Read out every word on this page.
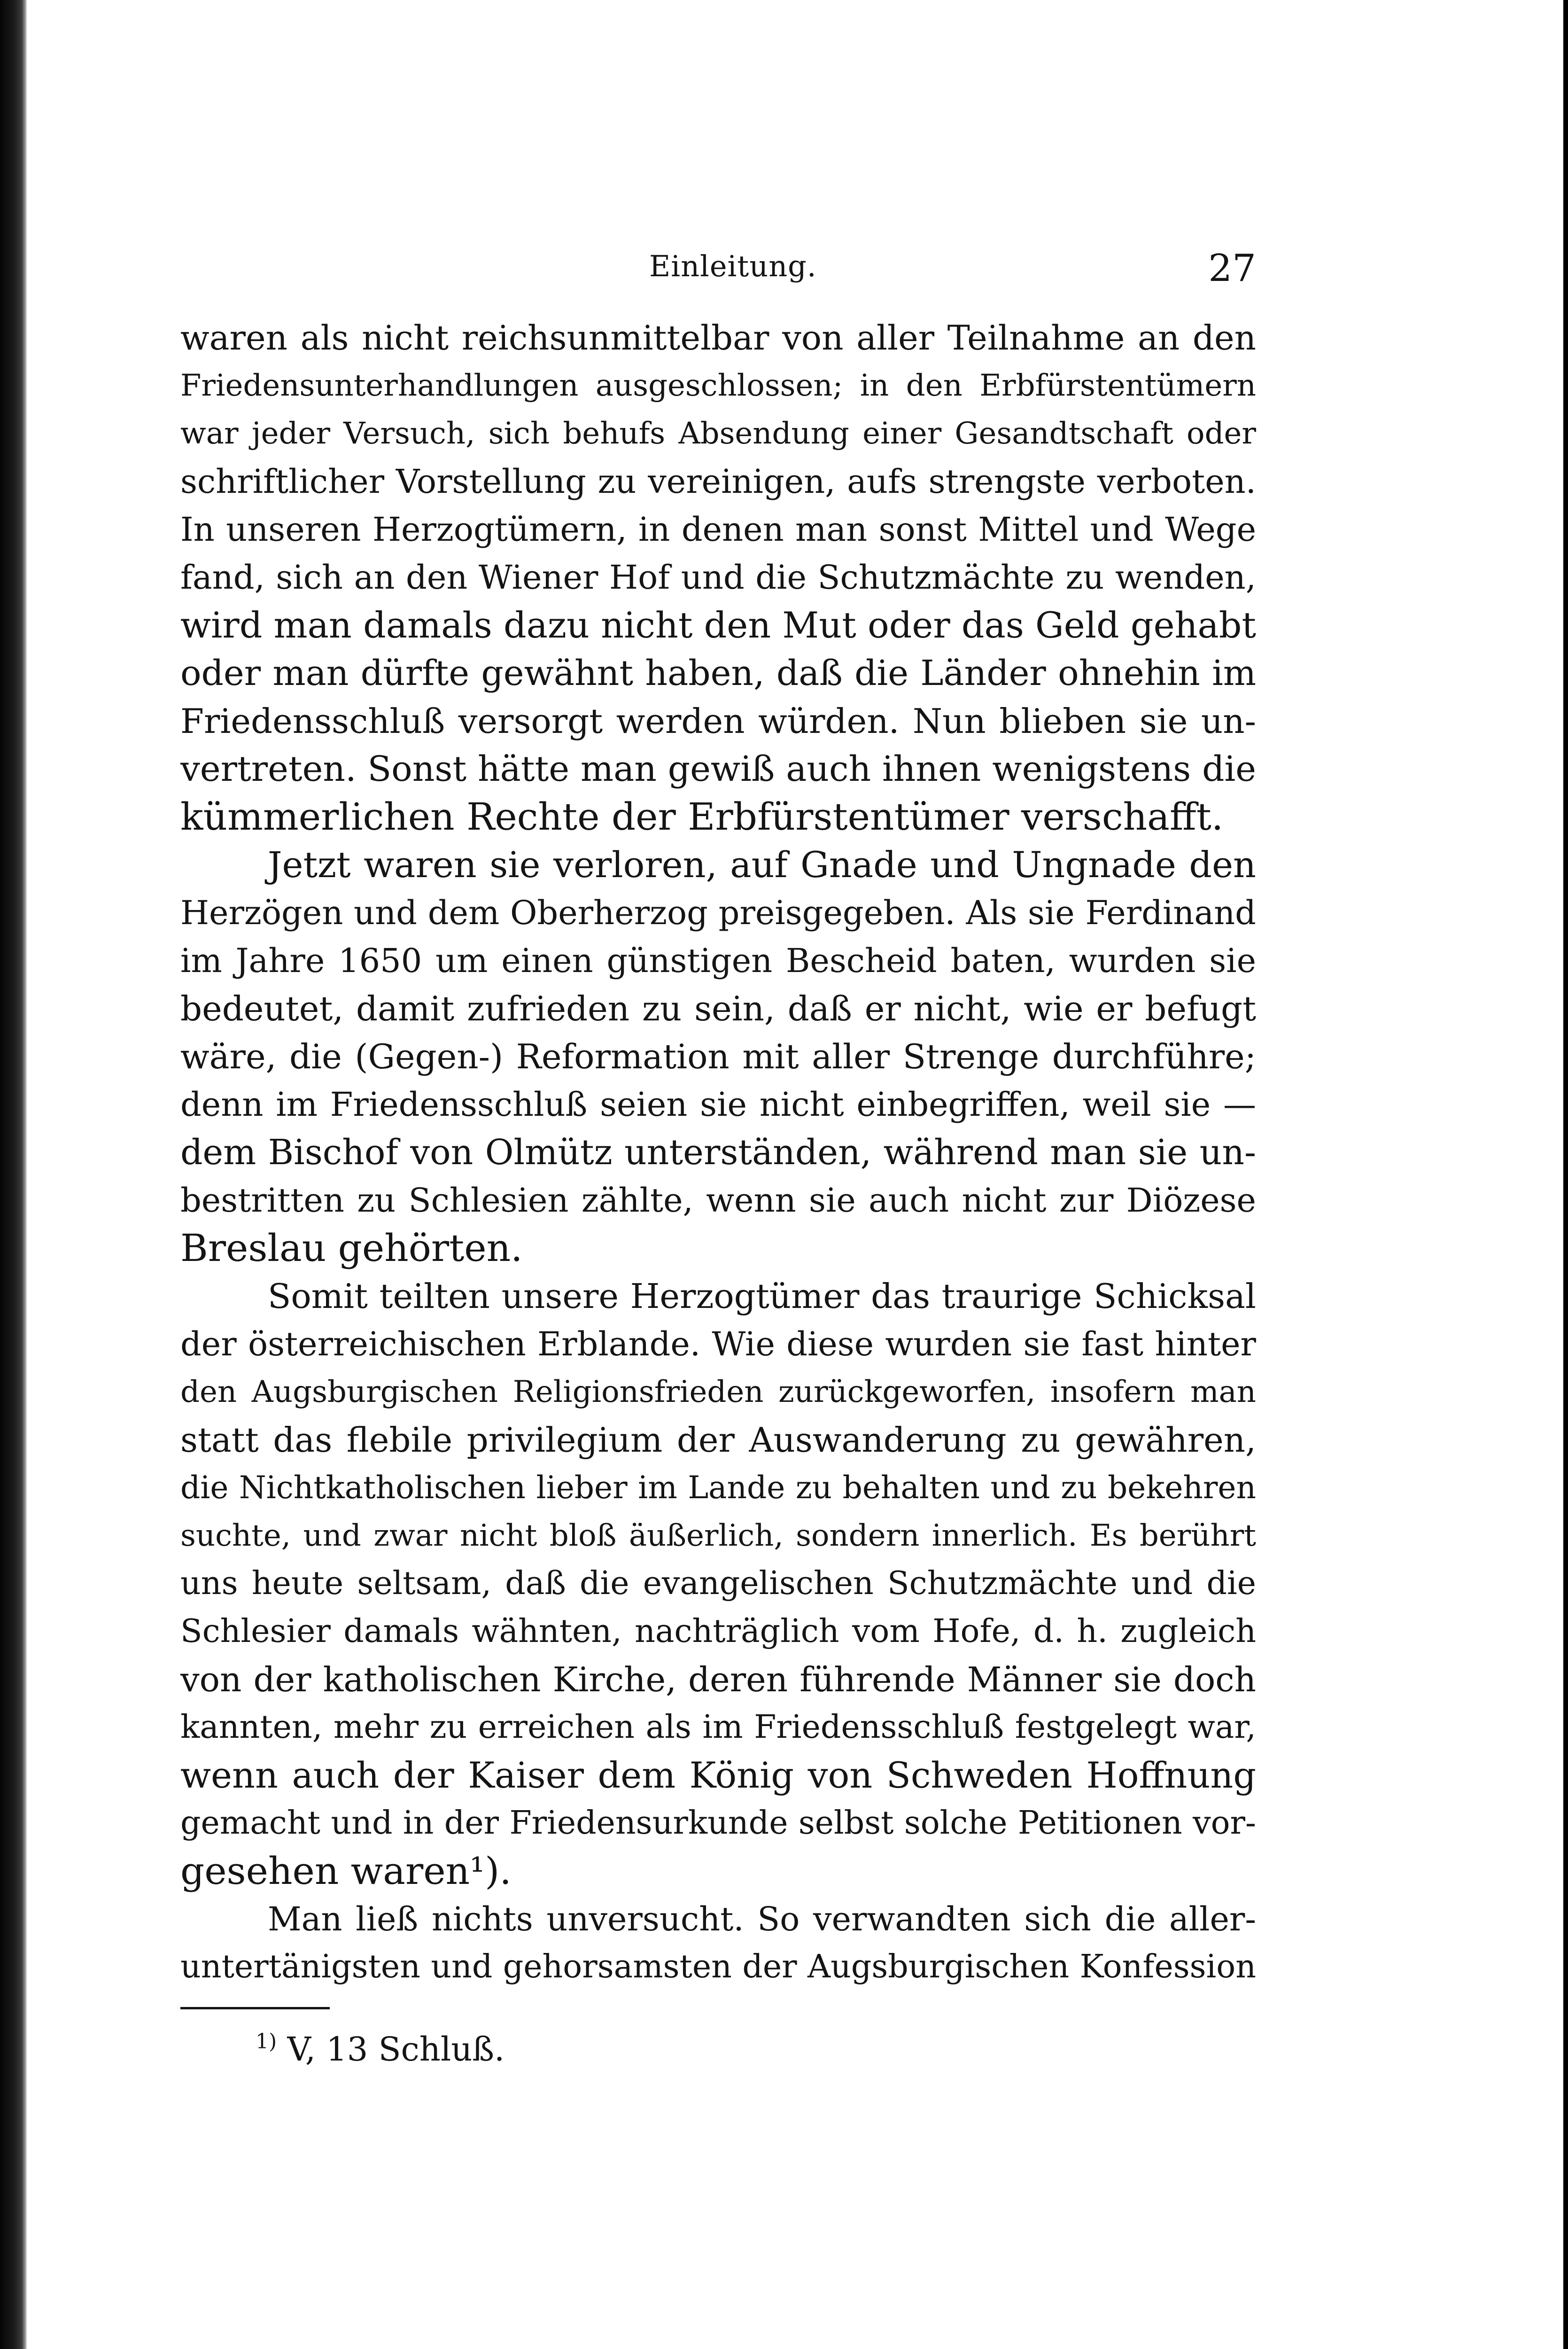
Einleitung.	27
waren als nicht reichsunmittelbar von aller Teilnahme an den
Friedensunterhandlungen ausgeschlossen; in den Erbfürstentümern
war jeder Versuch, sich behufs Absendung einer Gesandtschaft oder
schriftlicher Vorstellung zu vereinigen, aufs strengste verboten.
In unseren Herzogtümern, in denen man sonst Mittel und Wege
fand, sich an den Wiener Hof und die Schutzmächte zu wenden,
wird man damals dazu nicht den Mut oder das Geld gehabt
oder man dürfte gewähnt haben, daß die Länder ohnehin im
Friedensschluß versorgt werden würden. Nun blieben sie un-
vertreten. Sonst hätte man gewiß auch ihnen wenigstens die
kümmerlichen Rechte der Erbfürstentümer verschafft.
Jetzt waren sie verloren, auf Gnade und Ungnade den
Herzögen und dem Oberherzog preisgegeben. Als sie Ferdinand
im Jahre 1650 um einen günstigen Bescheid baten, wurden sie
bedeutet, damit zufrieden zu sein, daß er nicht, wie er befugt
wäre, die (Gegen-) Reformation mit aller Strenge durchführe;
denn im Friedensschluß seien sie nicht einbegriffen, weil sie —
dem Bischof von Olmütz unterständen, während man sie un-
bestritten zu Schlesien zählte, wenn sie auch nicht zur Diözese
Breslau gehörten.
Somit teilten unsere Herzogtümer das traurige Schicksal
der österreichischen Erblande. Wie diese wurden sie fast hinter
den Augsburgischen Religionsfrieden zurückgeworfen, insofern man
statt das flebile privilegium der Auswanderung zu gewähren,
die Nichtkatholischen lieber im Lande zu behalten und zu bekehren
suchte, und zwar nicht bloß äußerlich, sondern innerlich. Es berührt
uns heute seltsam, daß die evangelischen Schutzmächte und die
Schlesier damals wähnten, nachträglich vom Hofe, d. h. zugleich
von der katholischen Kirche, deren führende Männer sie doch
kannten, mehr zu erreichen als im Friedensschluß festgelegt war,
wenn auch der Kaiser dem König von Schweden Hoffnung
gemacht und in der Friedensurkunde selbst solche Petitionen vor-
gesehen waren¹).
Man ließ nichts unversucht. So verwandten sich die aller-
untertänigsten und gehorsamsten der Augsburgischen Konfession
$^{1)}$ V, 13 Schluß.
